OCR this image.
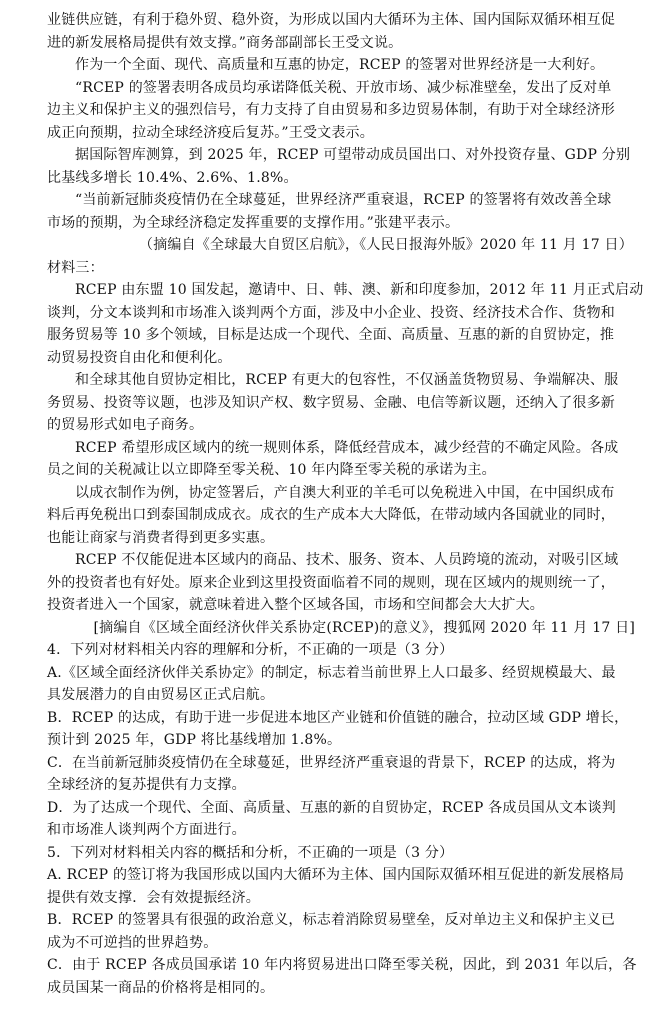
业链供应链，有利于稳外贸、稳外资，为形成以国内大循环为主体、国内国际双循环相互促
进的新发展格局提供有效支撑。”商务部副部长王受文说。
作为一个全面、现代、高质量和互惠的协定，RCEP 的签署对世界经济是一大利好。
“RCEP 的签署表明各成员均承诺降低关税、开放市场、减少标准壁垒，发出了反对单
边主义和保护主义的强烈信号，有力支持了自由贸易和多边贸易体制，有助于对全球经济形
成正向预期，拉动全球经济疫后复苏。”王受文表示。
据国际智库测算，到 2025 年，RCEP 可望带动成员国出口、对外投资存量、GDP 分别
比基线多增长 10.4%、2.6%、1.8%。
“当前新冠肺炎疫情仍在全球蔓延，世界经济严重衰退，RCEP 的签署将有效改善全球
市场的预期，为全球经济稳定发挥重要的支撑作用。”张建平表示。
（摘编自《全球最大自贸区启航》，《人民日报海外版》2020 年 11 月 17 日）
材料三：
RCEP 由东盟 10 国发起，邀请中、日、韩、澳、新和印度参加，2012 年 11 月正式启动
谈判，分文本谈判和市场准入谈判两个方面，涉及中小企业、投资、经济技术合作、货物和
服务贸易等 10 多个领域，目标是达成一个现代、全面、高质量、互惠的新的自贸协定，推
动贸易投资自由化和便利化。
和全球其他自贸协定相比，RCEP 有更大的包容性，不仅涵盖货物贸易、争端解决、服
务贸易、投资等议题，也涉及知识产权、数字贸易、金融、电信等新议题，还纳入了很多新
的贸易形式如电子商务。
RCEP 希望形成区域内的统一规则体系，降低经营成本，减少经营的不确定风险。各成
员之间的关税减让以立即降至零关税、10 年内降至零关税的承诺为主。
以成衣制作为例，协定签署后，产自澳大利亚的羊毛可以免税进入中国，在中国织成布
料后再免税出口到泰国制成成衣。成衣的生产成本大大降低，在带动域内各国就业的同时，
也能让商家与消费者得到更多实惠。
RCEP 不仅能促进本区域内的商品、技术、服务、资本、人员跨境的流动，对吸引区域
外的投资者也有好处。原来企业到这里投资面临着不同的规则，现在区域内的规则统一了，
投资者进入一个国家，就意味着进入整个区域各国，市场和空间都会大大扩大。
[摘编自《区域全面经济伙伴关系协定(RCEP)的意义》，搜狐网 2020 年 11 月 17 日]
4．下列对材料相关内容的理解和分析，不正确的一项是（3 分）
A.《区域全面经济伙伴关系协定》的制定，标志着当前世界上人口最多、经贸规模最大、最
具发展潜力的自由贸易区正式启航。
B．RCEP 的达成，有助于进一步促进本地区产业链和价值链的融合，拉动区域 GDP 增长，
预计到 2025 年，GDP 将比基线增加 1.8%。
C．在当前新冠肺炎疫情仍在全球蔓延，世界经济严重衰退的背景下，RCEP 的达成，将为
全球经济的复苏提供有力支撑。
D．为了达成一个现代、全面、高质量、互惠的新的自贸协定，RCEP 各成员国从文本谈判
和市场准人谈判两个方面进行。
5．下列对材料相关内容的概括和分析，不正确的一项是（3 分）
A. RCEP 的签订将为我国形成以国内大循环为主体、国内国际双循环相互促进的新发展格局
提供有效支撑．会有效提振经济。
B．RCEP 的签署具有很强的政治意义，标志着消除贸易壁垒，反对单边主义和保护主义已
成为不可逆挡的世界趋势。
C．由于 RCEP 各成员国承诺 10 年内将贸易进出口降至零关税，因此，到 2031 年以后，各
成员国某一商品的价格将是相同的。
